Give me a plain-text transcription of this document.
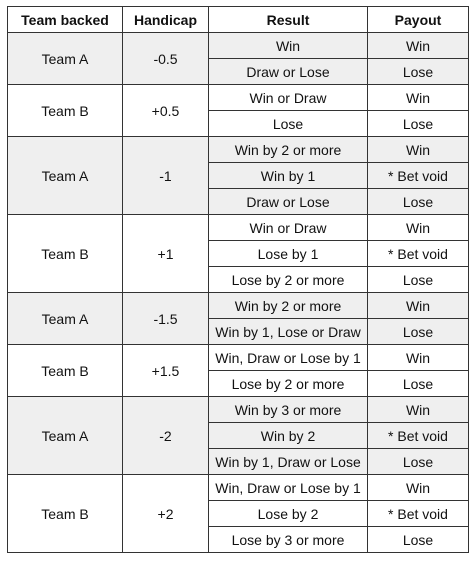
Team backed	Handicap	Result	Payout
Team A	-0.5	Win	Win
		Draw or Lose	Lose
Team B	+0.5	Win or Draw	Win
		Lose	Lose
Team A	-1	Win by 2 or more	Win
		Win by 1	* Bet void
		Draw or Lose	Lose
Team B	+1	Win or Draw	Win
		Lose by 1	* Bet void
		Lose by 2 or more	Lose
Team A	-1.5	Win by 2 or more	Win
		Win by 1, Lose or Draw	Lose
Team B	+1.5	Win, Draw or Lose by 1	Win
		Lose by 2 or more	Lose
Team A	-2	Win by 3 or more	Win
		Win by 2	* Bet void
		Win by 1, Draw or Lose	Lose
Team B	+2	Win, Draw or Lose by 1	Win
		Lose by 2	* Bet void
		Lose by 3 or more	Lose
